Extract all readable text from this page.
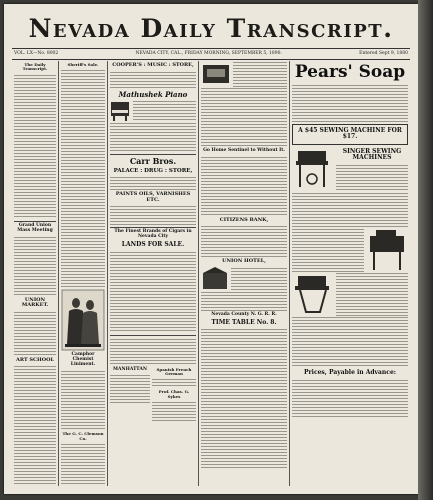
Nevada Daily Transcript.
VOL. LX—No. 8002	NEVADA CITY, CAL., FRIDAY MORNING, SEPTEMBER 5, 1890.	Entered Sept 9, 1880
The Daily Transcript.
Grand Union Mass Meeting
UNION MARKET.
ART SCHOOL
Sheriff's Sale.
Camphor Chemist Liniment.
The G. C. Clemson Co.
COOPER'S : MUSIC : STORE,
Mathushek Piano
Carr Bros.
PALACE : DRUG : STORE,
PAINTS OILS, VARNISHES ETC.
The Finest Brands of Cigars in Nevada City
LANDS FOR SALE.
MANHATTAN	Spanish French German
Prof. Chas. G. Sykes
Go Home Sentinel to Without It.
CITIZENS BANK,
UNION HOTEL,
Nevada County N. G. R. R.
TIME TABLE No. 8.
Pears' Soap
A $45 SEWING MACHINE FOR $17.
SINGER SEWING MACHINES
Prices, Payable in Advance:
